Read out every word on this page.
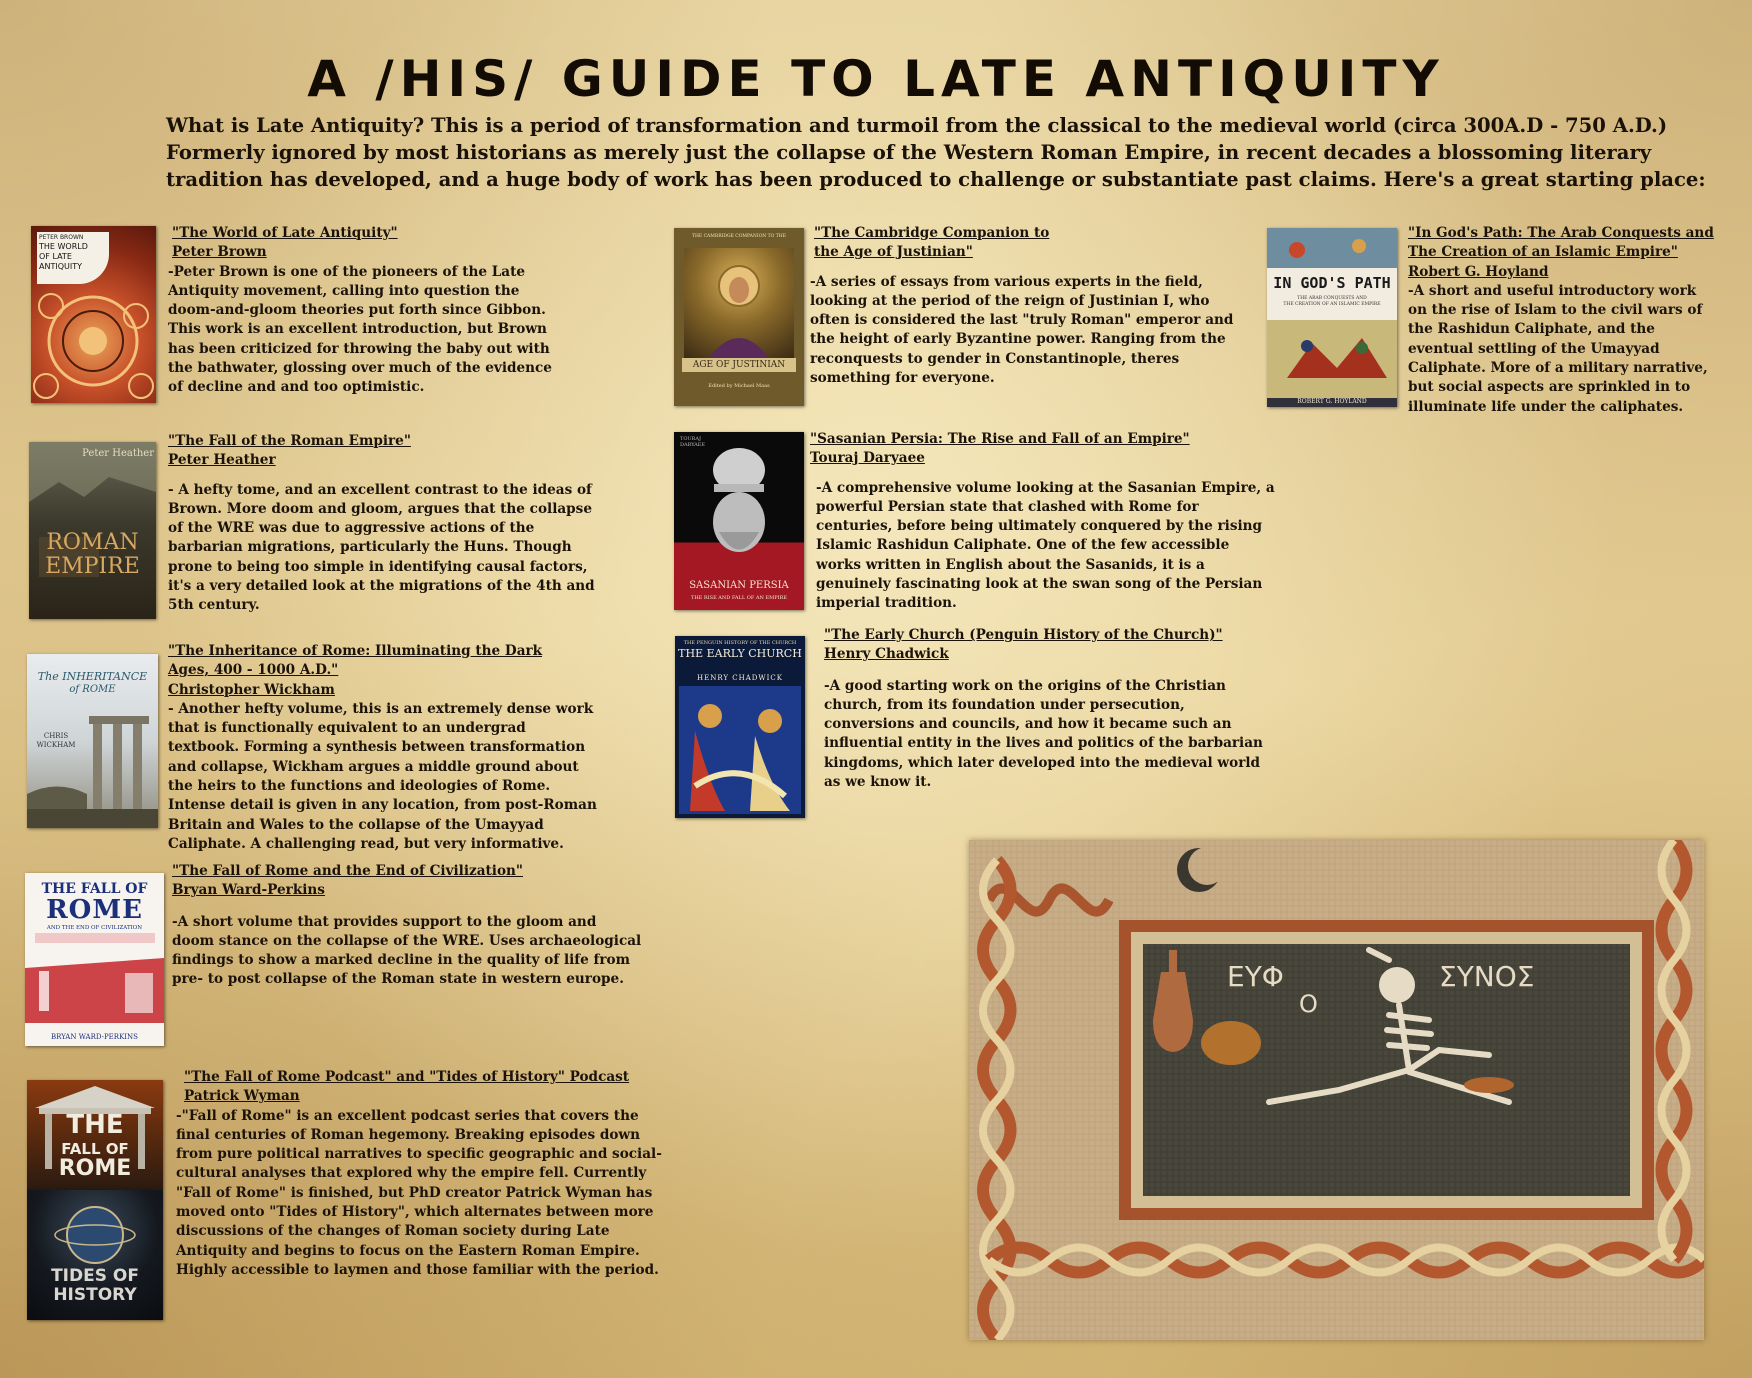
A /HIS/ GUIDE TO LATE ANTIQUITY
What is Late Antiquity? This is a period of transformation and turmoil from the classical to the medieval world (circa 300A.D - 750 A.D.) Formerly ignored by most historians as merely just the collapse of the Western Roman Empire, in recent decades a blossoming literary tradition has developed, and a huge body of work has been produced to challenge or substantiate past claims. Here's a great starting place:
PETER BROWN
THE WORLD
OF LATE
ANTIQUITY
"The World of Late Antiquity"
Peter Brown
-Peter Brown is one of the pioneers of the Late Antiquity movement, calling into question the doom-and-gloom theories put forth since Gibbon. This work is an excellent introduction, but Brown has been criticized for throwing the baby out with the bathwater, glossing over much of the evidence of decline and and too optimistic.
Peter Heather
ROMAN
EMPIRE
"The Fall of the Roman Empire"
Peter Heather
- A hefty tome, and an excellent contrast to the ideas of Brown. More doom and gloom, argues that the collapse of the WRE was due to aggressive actions of the barbarian migrations, particularly the Huns. Though prone to being too simple in identifying causal factors, it's a very detailed look at the migrations of the 4th and 5th century.
The INHERITANCE
of ROME
CHRIS
WICKHAM
"The Inheritance of Rome: Illuminating the Dark Ages, 400 - 1000 A.D."
Christopher Wickham
- Another hefty volume, this is an extremely dense work that is functionally equivalent to an undergrad textbook. Forming a synthesis between transformation and collapse, Wickham argues a middle ground about the heirs to the functions and ideologies of Rome. Intense detail is given in any location, from post-Roman Britain and Wales to the collapse of the Umayyad Caliphate. A challenging read, but very informative.
THE FALL OF
ROME
AND THE END OF CIVILIZATION
BRYAN WARD-PERKINS
"The Fall of Rome and the End of Civilization"
Bryan Ward-Perkins
-A short volume that provides support to the gloom and doom stance on the collapse of the WRE. Uses archaeological findings to show a marked decline in the quality of life from pre- to post collapse of the Roman state in western europe.
THE
FALL OF
ROME
TIDES OF
HISTORY
"The Fall of Rome Podcast" and "Tides of History" Podcast
Patrick Wyman
-"Fall of Rome" is an excellent podcast series that covers the final centuries of Roman hegemony. Breaking episodes down from pure political narratives to specific geographic and social-cultural analyses that explored why the empire fell. Currently "Fall of Rome" is finished, but PhD creator Patrick Wyman has moved onto "Tides of History", which alternates between more discussions of the changes of Roman society during Late Antiquity and begins to focus on the Eastern Roman Empire. Highly accessible to laymen and those familiar with the period.
THE CAMBRIDGE COMPANION TO THE
AGE OF JUSTINIAN
Edited by Michael Maas
"The Cambridge Companion to the Age of Justinian"
-A series of essays from various experts in the field, looking at the period of the reign of Justinian I, who often is considered the last "truly Roman" emperor and the height of early Byzantine power. Ranging from the reconquests to gender in Constantinople, theres something for everyone.
TOURAJ
DARYAEE
SASANIAN PERSIA
THE RISE AND FALL OF AN EMPIRE
"Sasanian Persia: The Rise and Fall of an Empire"
Touraj Daryaee
-A comprehensive volume looking at the Sasanian Empire, a powerful Persian state that clashed with Rome for centuries, before being ultimately conquered by the rising Islamic Rashidun Caliphate. One of the few accessible works written in English about the Sasanids, it is a genuinely fascinating look at the swan song of the Persian imperial tradition.
THE PENGUIN HISTORY OF THE CHURCH
THE EARLY CHURCH
HENRY CHADWICK
"The Early Church (Penguin History of the Church)"
Henry Chadwick
-A good starting work on the origins of the Christian church, from its foundation under persecution, conversions and councils, and how it became such an influential entity in the lives and politics of the barbarian kingdoms, which later developed into the medieval world as we know it.
IN GOD'S PATH
THE ARAB CONQUESTS AND
THE CREATION OF AN ISLAMIC EMPIRE
ROBERT G. HOYLAND
"In God's Path: The Arab Conquests and The Creation of an Islamic Empire"
Robert G. Hoyland
-A short and useful introductory work on the rise of Islam to the civil wars of the Rashidun Caliphate, and the eventual settling of the Umayyad Caliphate. More of a military narrative, but social aspects are sprinkled in to illuminate life under the caliphates.
ΕΥΦ
Ο
ΣΥΝΟΣ
